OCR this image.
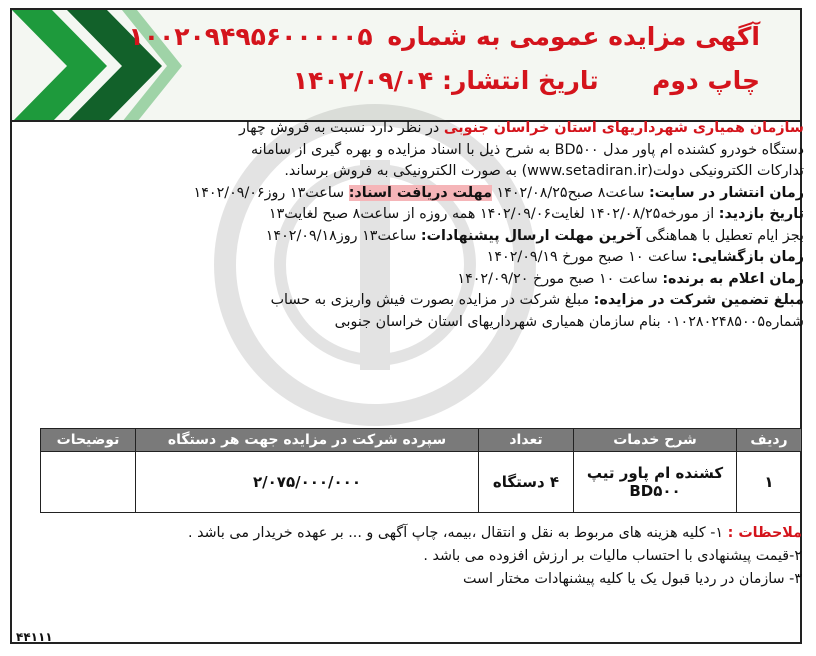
آگهی مزایده عمومی به شماره ۱۰۰۲۰۹۴۹۵۶۰۰۰۰۰۵
چاپ دوم  تاریخ انتشار: ۱۴۰۲/۰۹/۰۴

سازمان همیاری شهرداریهای استان خراسان جنوبی در نظر دارد نسبت به فروش چهار

دستگاه خودرو کشنده ام پاور مدل BD۵۰۰ به شرح ذیل با اسناد مزایده و بهره گیری از سامانه

تدارکات الکترونیکی دولت(www.setadiran.ir) به صورت الکترونیکی به فروش برساند.

زمان انتشار در سایت: ساعت۸ صبح۱۴۰۲/۰۸/۲۵ مهلت دریافت اسناد: ساعت۱۳ روز۱۴۰۲/۰۹/۰۶

تاریخ بازدید: از مورخه۱۴۰۲/۰۸/۲۵ لغایت۱۴۰۲/۰۹/۰۶ همه روزه از ساعت۸ صبح لغایت۱۳

بجز ایام تعطیل با هماهنگی آخرین مهلت ارسال پیشنهادات: ساعت۱۳ روز۱۴۰۲/۰۹/۱۸

زمان بازگشایی: ساعت ۱۰ صبح مورخ ۱۴۰۲/۰۹/۱۹

زمان اعلام به برنده: ساعت ۱۰ صبح مورخ ۱۴۰۲/۰۹/۲۰

مبلغ تضمین شرکت در مزایده: مبلغ شرکت در مزایده بصورت فیش واریزی به حساب

شماره۰۱۰۲۸۰۲۴۸۵۰۰۵ بنام سازمان همیاری شهرداریهای استان خراسان جنوبی

ردیف	شرح خدمات	تعداد	سپرده شرکت در مزایده جهت هر دستگاه	توضیحات
۱	کشنده ام پاور تیپ
BD۵۰۰	۴ دستگاه	۲/۰۷۵/۰۰۰/۰۰۰	

ملاحظات : ۱- کلیه هزینه های مربوط به نقل و انتقال ،بیمه، چاپ آگهی و ... بر عهده خریدار می باشد .

۲-قیمت پیشنهادی با احتساب مالیات بر ارزش افزوده می باشد .

۳- سازمان در ردیا قبول یک یا کلیه پیشنهادات مختار است

۴۴۱۱۱
